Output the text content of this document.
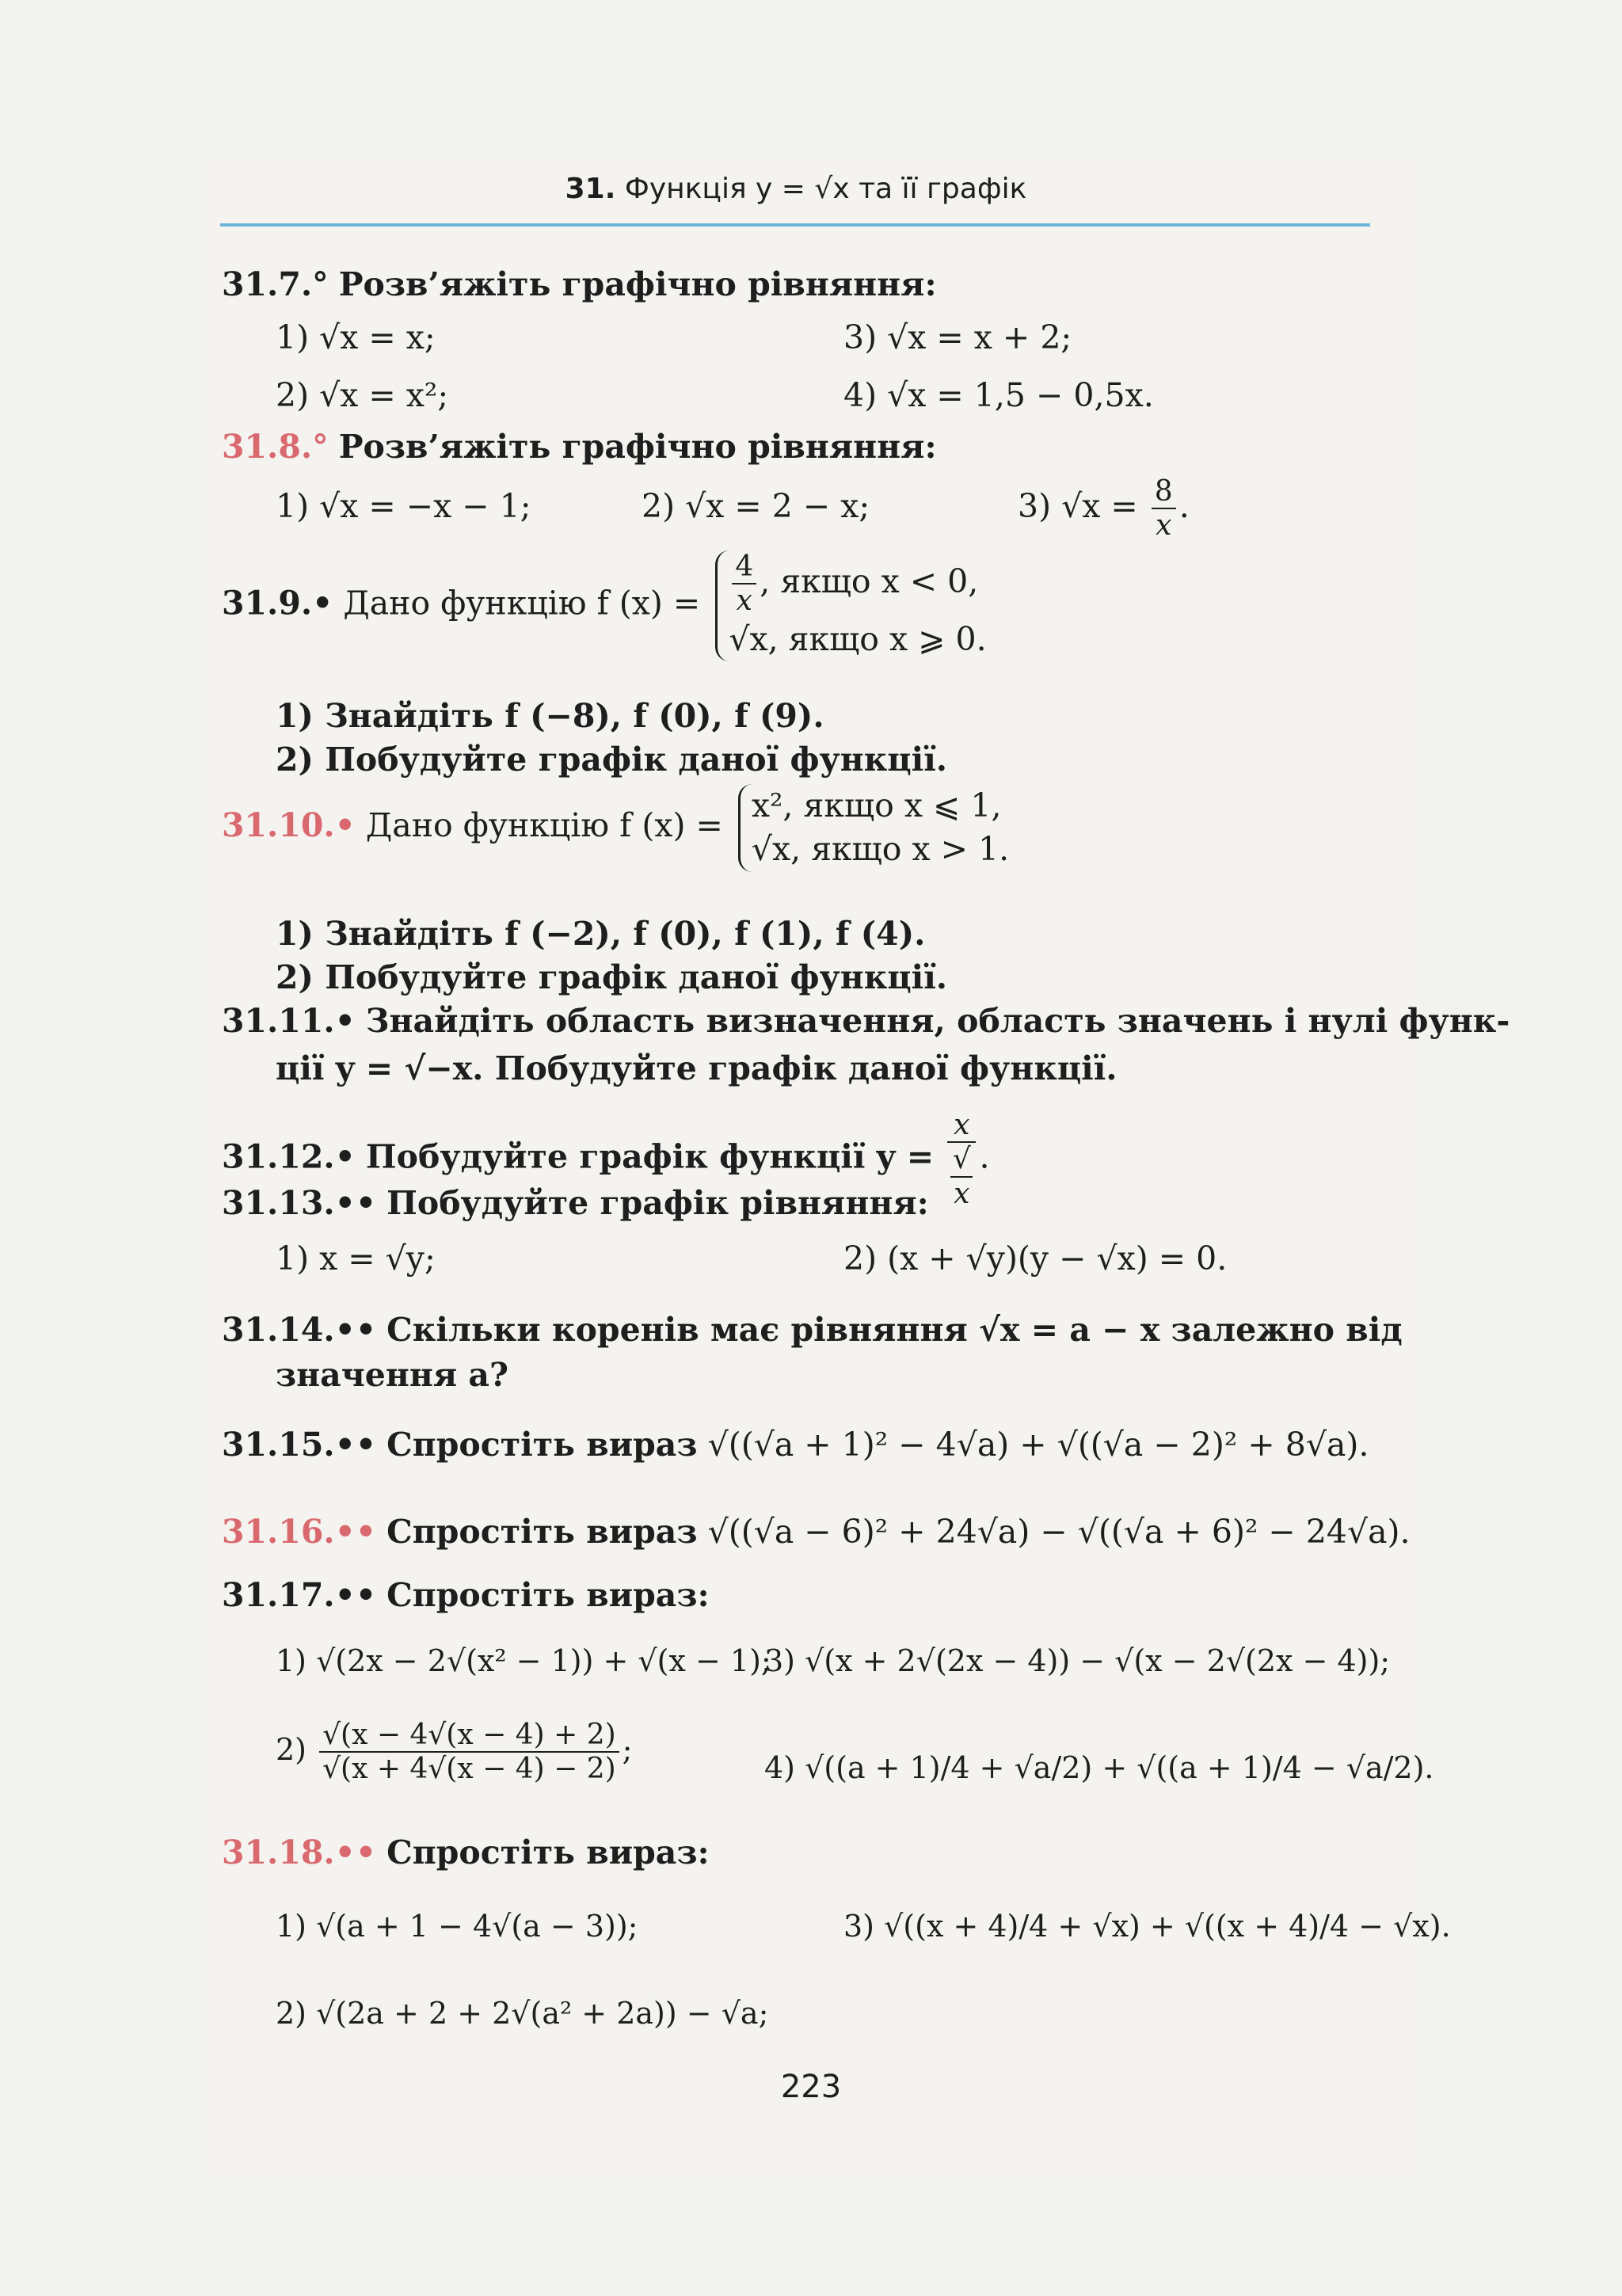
31. Функція y = √x та її графік
31.7.° Розв’яжіть графічно рівняння:
1) √x = x;	3) √x = x + 2;
2) √x = x²;	4) √x = 1,5 − 0,5x.
31.8.° Розв’яжіть графічно рівняння:
1) √x = −x − 1;	2) √x = 2 − x;	3) $√x = \frac{8}{x}$ .
31.9.• Дано функцію f $(x) = \frac{4}{x}$ , якщо x < 0,
√x, якщо x ⩾ 0.
1) Знайдіть f (−8), f (0), f (9).
2) Побудуйте графік даної функції.
31.10.• Дано функцію f (x) =
x², якщо x ⩽ 1,
√x, якщо x > 1.
1) Знайдіть f (−2), f (0), f (1), f (4).
2) Побудуйте графік даної функції.
31.11.• Знайдіть область визначення, область значень і нулі функ-
ції y = √−x. Побудуйте графік даної функції.
31.12.• Побудуйте графік функції y = x
√
x .
31.13.•• Побудуйте графік рівняння:
1) x = √y;	2) (x + √y)(y − √x) = 0.
31.14.•• Скільки коренів має рівняння √x = a − x залежно від
значення a?
31.15.•• Спростіть вираз √((√a + 1)² − 4√a) + √((√a − 2)² + 8√a).
31.16.•• Спростіть вираз √((√a − 6)² + 24√a) − √((√a + 6)² − 24√a).
31.17.•• Спростіть вираз:
1) √(2x − 2√(x² − 1)) + √(x − 1);
3) √(x + 2√(2x − 4)) − √(x − 2√(2x − 4));
$2) \frac{√(x - 4√(x - 4) + 2)}{√(x + 4√(x - 4) - 2)}$ ;
4) √((a + 1)/4 + √a/2) + √((a + 1)/4 − √a/2).
31.18.•• Спростіть вираз:
1) √(a + 1 − 4√(a − 3));	3) √((x + 4)/4 + √x) + √((x + 4)/4 − √x).
2) √(2a + 2 + 2√(a² + 2a)) − √a;
223
